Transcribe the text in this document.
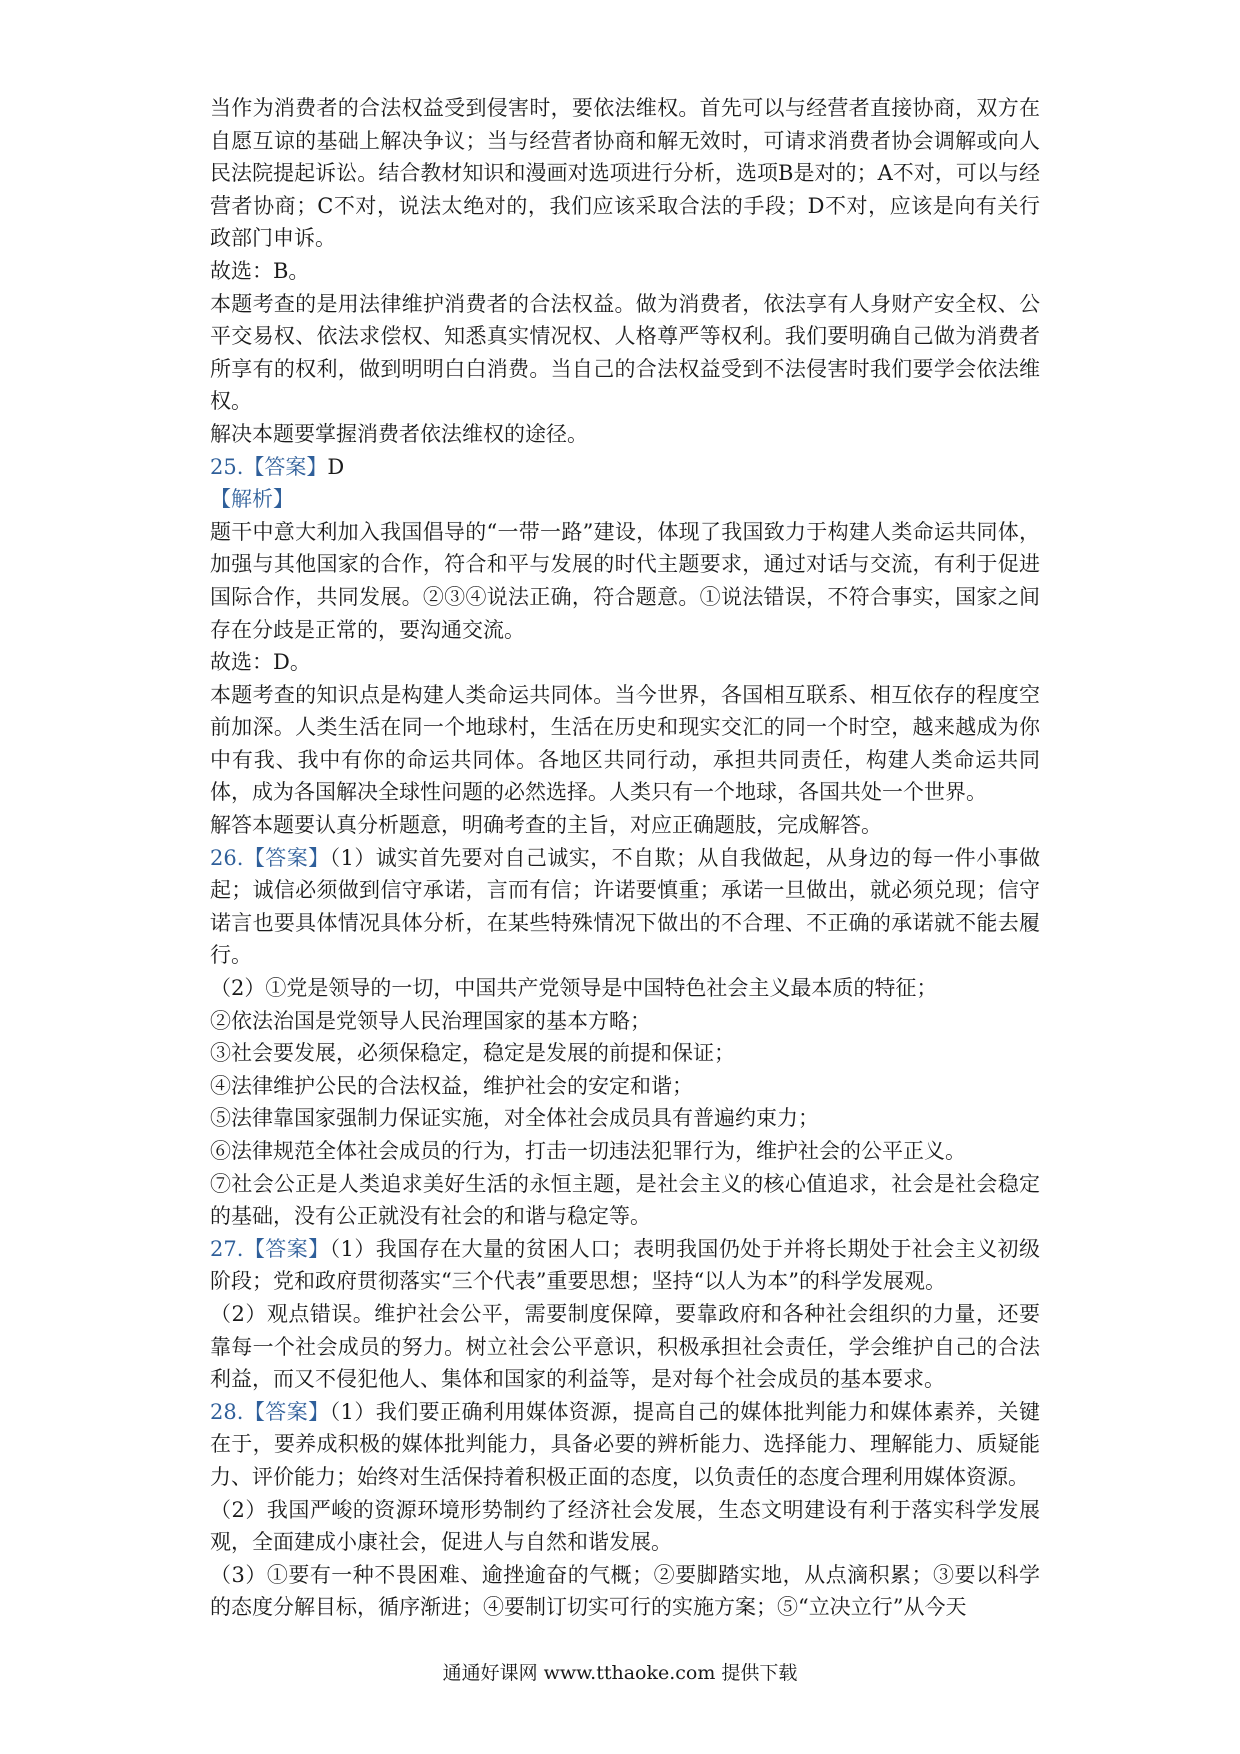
当作为消费者的合法权益受到侵害时，要依法维权。首先可以与经营者直接协商，双方在自愿互谅的基础上解决争议；当与经营者协商和解无效时，可请求消费者协会调解或向人民法院提起诉讼。结合教材知识和漫画对选项进行分析，选项B是对的；A不对，可以与经营者协商；C不对，说法太绝对的，我们应该采取合法的手段；D不对，应该是向有关行政部门申诉。

故选：B。

本题考查的是用法律维护消费者的合法权益。做为消费者，依法享有人身财产安全权、公平交易权、依法求偿权、知悉真实情况权、人格尊严等权利。我们要明确自己做为消费者所享有的权利，做到明明白白消费。当自己的合法权益受到不法侵害时我们要学会依法维权。

解决本题要掌握消费者依法维权的途径。

25.【答案】D

【解析】

题干中意大利加入我国倡导的“一带一路”建设，体现了我国致力于构建人类命运共同体，加强与其他国家的合作，符合和平与发展的时代主题要求，通过对话与交流，有利于促进国际合作，共同发展。②③④说法正确，符合题意。①说法错误，不符合事实，国家之间存在分歧是正常的，要沟通交流。

故选：D。

本题考查的知识点是构建人类命运共同体。当今世界，各国相互联系、相互依存的程度空前加深。人类生活在同一个地球村，生活在历史和现实交汇的同一个时空，越来越成为你中有我、我中有你的命运共同体。各地区共同行动，承担共同责任，构建人类命运共同体，成为各国解决全球性问题的必然选择。人类只有一个地球，各国共处一个世界。

解答本题要认真分析题意，明确考查的主旨，对应正确题肢，完成解答。

26.【答案】（1）诚实首先要对自己诚实，不自欺；从自我做起，从身边的每一件小事做起；诚信必须做到信守承诺，言而有信；许诺要慎重；承诺一旦做出，就必须兑现；信守诺言也要具体情况具体分析，在某些特殊情况下做出的不合理、不正确的承诺就不能去履行。

（2）①党是领导的一切，中国共产党领导是中国特色社会主义最本质的特征；

②依法治国是党领导人民治理国家的基本方略；

③社会要发展，必须保稳定，稳定是发展的前提和保证；

④法律维护公民的合法权益，维护社会的安定和谐；

⑤法律靠国家强制力保证实施，对全体社会成员具有普遍约束力；

⑥法律规范全体社会成员的行为，打击一切违法犯罪行为，维护社会的公平正义。

⑦社会公正是人类追求美好生活的永恒主题，是社会主义的核心值追求，社会是社会稳定的基础，没有公正就没有社会的和谐与稳定等。

27.【答案】（1）我国存在大量的贫困人口；表明我国仍处于并将长期处于社会主义初级阶段；党和政府贯彻落实“三个代表”重要思想；坚持“以人为本”的科学发展观。

（2）观点错误。维护社会公平，需要制度保障，要靠政府和各种社会组织的力量，还要靠每一个社会成员的努力。树立社会公平意识，积极承担社会责任，学会维护自己的合法利益，而又不侵犯他人、集体和国家的利益等，是对每个社会成员的基本要求。

28.【答案】（1）我们要正确利用媒体资源，提高自己的媒体批判能力和媒体素养，关键在于，要养成积极的媒体批判能力，具备必要的辨析能力、选择能力、理解能力、质疑能力、评价能力；始终对生活保持着积极正面的态度，以负责任的态度合理利用媒体资源。

（2）我国严峻的资源环境形势制约了经济社会发展，生态文明建设有利于落实科学发展观，全面建成小康社会，促进人与自然和谐发展。

（3）①要有一种不畏困难、逾挫逾奋的气概；②要脚踏实地，从点滴积累；③要以科学的态度分解目标，循序渐进；④要制订切实可行的实施方案；⑤“立决立行”从今天

通通好课网 www.tthaoke.com 提供下载
